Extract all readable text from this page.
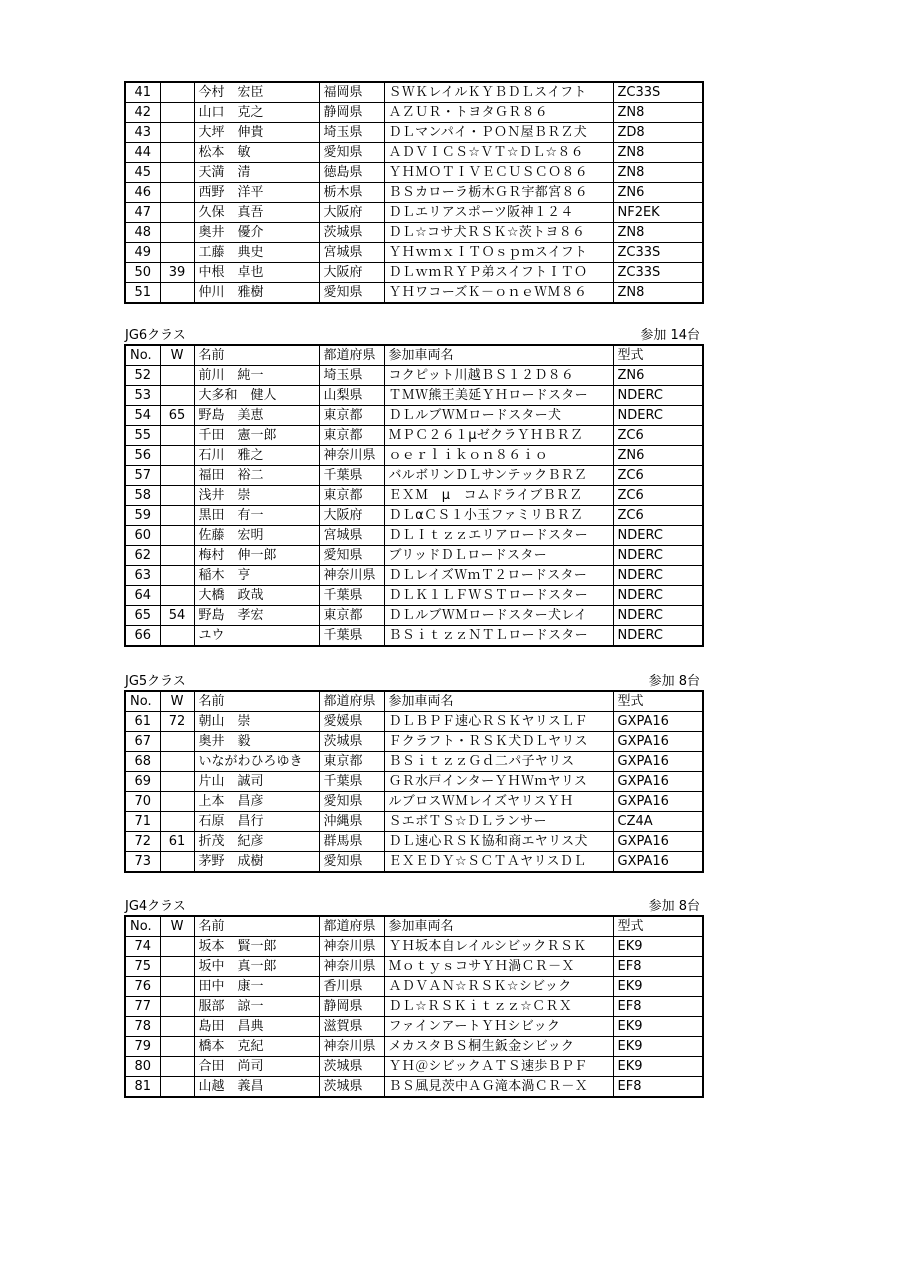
41		今村　宏臣	福岡県	ＳＷＫレイルＫＹＢＤＬスイフト	ZC33S
42		山口　克之	静岡県	ＡＺＵＲ・トヨタＧＲ８６	ZN8
43		大坪　伸貴	埼玉県	ＤＬマンパイ・ＰＯＮ屋ＢＲＺ犬	ZD8
44		松本　敏	愛知県	ＡＤＶＩＣＳ☆ＶＴ☆ＤＬ☆８６	ZN8
45		天満　清	徳島県	ＹＨＭＯＴＩＶＥＣＵＳＣＯ８６	ZN8
46		西野　洋平	栃木県	ＢＳカローラ栃木ＧＲ宇都宮８６	ZN6
47		久保　真吾	大阪府	ＤＬエリアスポーツ阪神１２４	NF2EK
48		奥井　優介	茨城県	ＤＬ☆コサ犬ＲＳＫ☆茨トヨ８６	ZN8
49		工藤　典史	宮城県	ＹＨｗｍｘＩＴＯｓｐｍスイフト	ZC33S
50	39	中根　卓也	大阪府	ＤＬｗｍＲＹＰ弟スイフトＩＴＯ	ZC33S
51		仲川　雅樹	愛知県	ＹＨワコーズＫ－ｏｎｅＷＭ８６	ZN8
JG6クラス	参加 14台
No.	W	名前	都道府県	参加車両名	型式
52		前川　純一	埼玉県	コクピット川越ＢＳ１２Ｄ８６	ZN6
53		大多和　健人	山梨県	ＴＭＷ熊王美延ＹＨロードスター	NDERC
54	65	野島　美恵	東京都	ＤＬルブＷＭロードスター犬	NDERC
55		千田　憲一郎	東京都	ＭＰＣ２６１μゼクラＹＨＢＲＺ	ZC6
56		石川　雅之	神奈川県	ｏｅｒｌｉｋｏｎ８６ｉｏ	ZN6
57		福田　裕二	千葉県	バルボリンＤＬサンテックＢＲＺ	ZC6
58		浅井　崇	東京都	ＥＸＭ　μ　コムドライブＢＲＺ	ZC6
59		黒田　有一	大阪府	ＤＬαＣＳ１小玉ファミリＢＲＺ	ZC6
60		佐藤　宏明	宮城県	ＤＬＩｔｚｚエリアロードスター	NDERC
62		梅村　伸一郎	愛知県	ブリッドＤＬロードスター	NDERC
63		稲木　亨	神奈川県	ＤＬレイズＷｍＴ２ロードスター	NDERC
64		大橋　政哉	千葉県	ＤＬＫ１ＬＦＷＳＴロードスター	NDERC
65	54	野島　孝宏	東京都	ＤＬルブＷＭロードスター犬レイ	NDERC
66		ユウ	千葉県	ＢＳｉｔｚｚＮＴＬロードスター	NDERC
JG5クラス	参加 8台
No.	W	名前	都道府県	参加車両名	型式
61	72	朝山　崇	愛媛県	ＤＬＢＰＦ速心ＲＳＫヤリスＬＦ	GXPA16
67		奥井　毅	茨城県	Ｆクラフト・ＲＳＫ犬ＤＬヤリス	GXPA16
68		いながわひろゆき	東京都	ＢＳｉｔｚｚＧｄ二パ子ヤリス	GXPA16
69		片山　誠司	千葉県	ＧＲ水戸インターＹＨＷｍヤリス	GXPA16
70		上本　昌彦	愛知県	ルブロスＷＭレイズヤリスＹＨ	GXPA16
71		石原　昌行	沖縄県	ＳエボＴＳ☆ＤＬランサー	CZ4A
72	61	折茂　紀彦	群馬県	ＤＬ速心ＲＳＫ協和商エヤリス犬	GXPA16
73		茅野　成樹	愛知県	ＥＸＥＤＹ☆ＳＣＴＡヤリスＤＬ	GXPA16
JG4クラス	参加 8台
No.	W	名前	都道府県	参加車両名	型式
74		坂本　賢一郎	神奈川県	ＹＨ坂本自レイルシビックＲＳＫ	EK9
75		坂中　真一郎	神奈川県	ＭｏｔｙｓコサＹＨ渦ＣＲ－Ｘ	EF8
76		田中　康一	香川県	ＡＤＶＡＮ☆ＲＳＫ☆シビック	EK9
77		服部　諒一	静岡県	ＤＬ☆ＲＳＫｉｔｚｚ☆ＣＲＸ	EF8
78		島田　昌典	滋賀県	ファインアートＹＨシビック	EK9
79		橋本　克紀	神奈川県	メカスタＢＳ桐生鈑金シビック	EK9
80		合田　尚司	茨城県	ＹＨ＠シビックＡＴＳ速歩ＢＰＦ	EK9
81		山越　義昌	茨城県	ＢＳ風見茨中ＡＧ滝本渦ＣＲ－Ｘ	EF8
